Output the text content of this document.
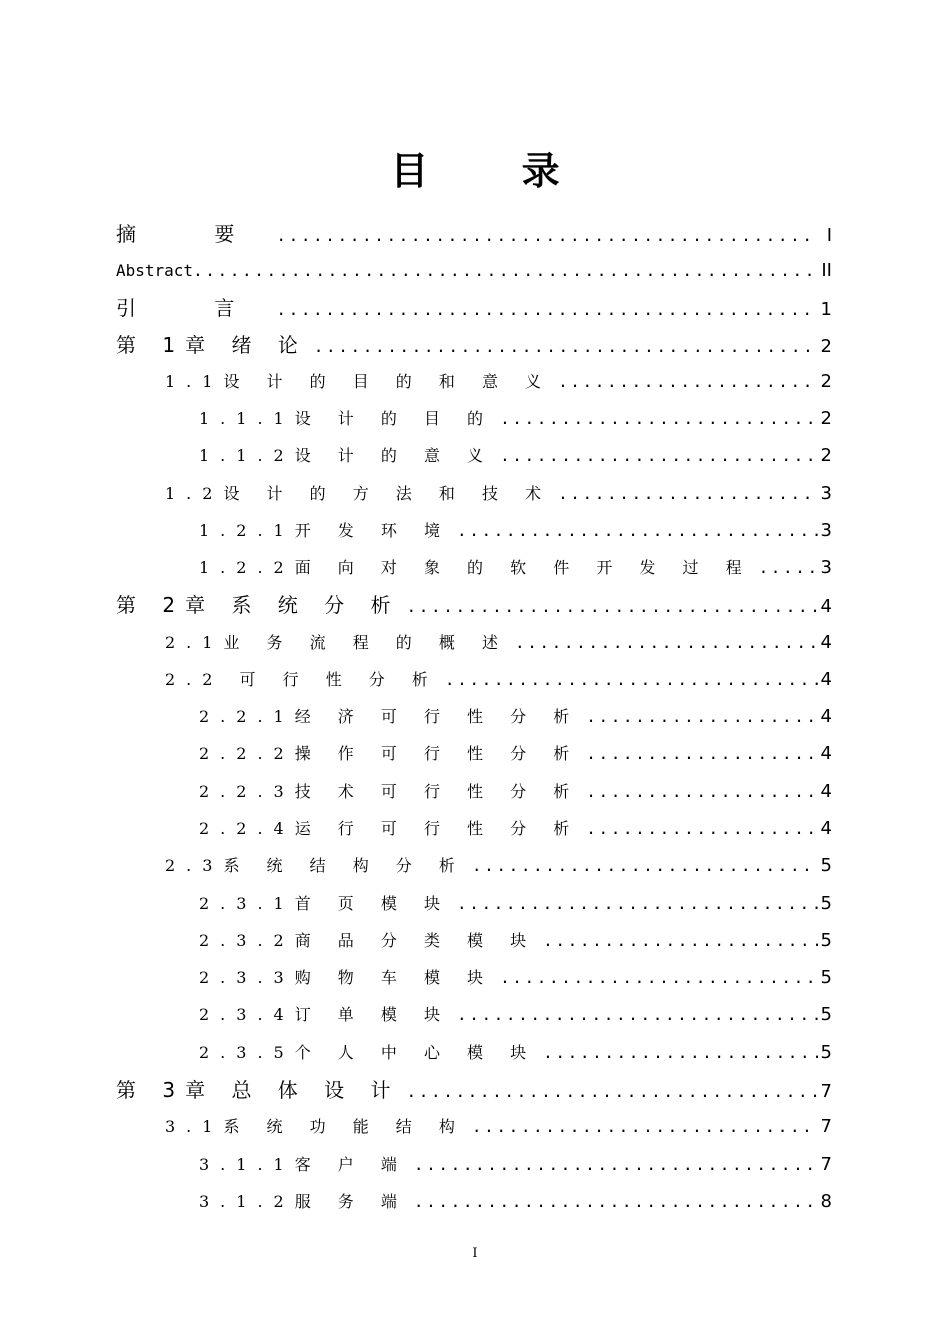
目 录
摘 要 .....	I
Abstract .....	II
引 言 .....	1
第 1章 绪 论 .....	2
1.1设 计 的 目 的 和 意 义 .....	2
1.1.1设 计 的 目 的 .....	2
1.1.2设 计 的 意 义 .....	2
1.2设 计 的 方 法 和 技 术 .....	3
1.2.1开 发 环 境 .....	3
1.2.2面 向 对 象 的 软 件 开 发 过 程 .....	3
第 2章 系 统 分 析 .....	4
2.1业 务 流 程 的 概 述 .....	4
2.2 可 行 性 分 析 .....	4
2.2.1经 济 可 行 性 分 析 .....	4
2.2.2操 作 可 行 性 分 析 .....	4
2.2.3技 术 可 行 性 分 析 .....	4
2.2.4运 行 可 行 性 分 析 .....	4
2.3系 统 结 构 分 析 .....	5
2.3.1首 页 模 块 .....	5
2.3.2商 品 分 类 模 块 .....	5
2.3.3购 物 车 模 块 .....	5
2.3.4订 单 模 块 .....	5
2.3.5个 人 中 心 模 块 .....	5
第 3章 总 体 设 计 .....	7
3.1系 统 功 能 结 构 .....	7
3.1.1客 户 端 .....	7
3.1.2服 务 端 .....	8
I
